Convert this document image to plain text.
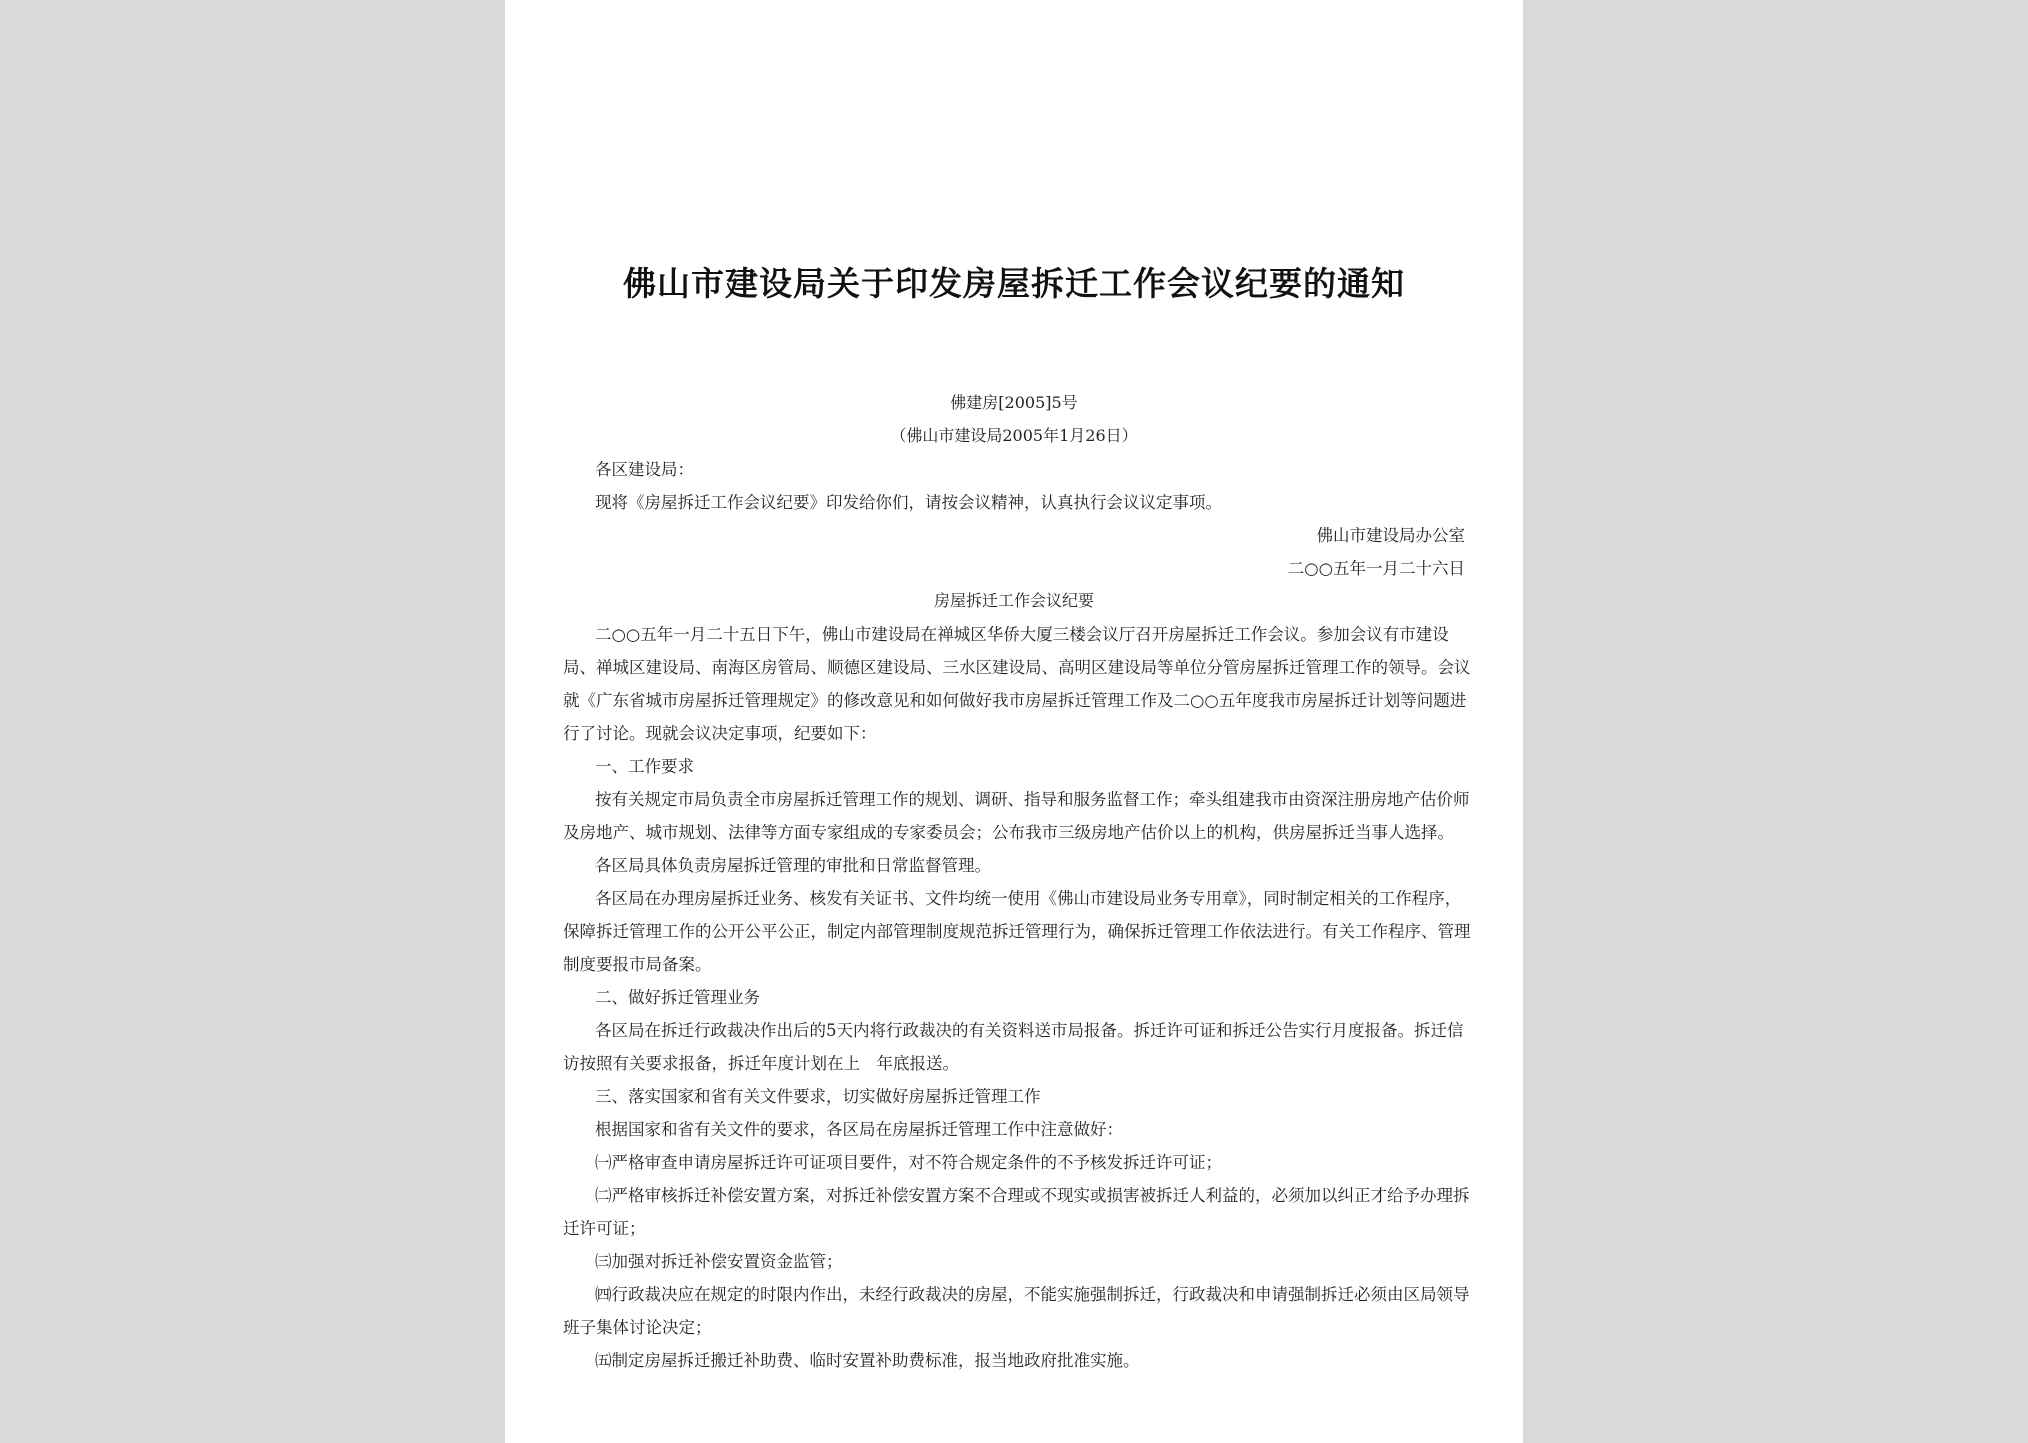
佛山市建设局关于印发房屋拆迁工作会议纪要的通知
佛建房[2005]5号
（佛山市建设局2005年1月26日）
各区建设局：
现将《房屋拆迁工作会议纪要》印发给你们，请按会议精神，认真执行会议议定事项。
佛山市建设局办公室
二○○五年一月二十六日
房屋拆迁工作会议纪要
二○○五年一月二十五日下午，佛山市建设局在禅城区华侨大厦三楼会议厅召开房屋拆迁工作会议。参加会议有市建设
局、禅城区建设局、南海区房管局、顺德区建设局、三水区建设局、高明区建设局等单位分管房屋拆迁管理工作的领导。会议
就《广东省城市房屋拆迁管理规定》的修改意见和如何做好我市房屋拆迁管理工作及二○○五年度我市房屋拆迁计划等问题进
行了讨论。现就会议决定事项，纪要如下：
一、工作要求
按有关规定市局负责全市房屋拆迁管理工作的规划、调研、指导和服务监督工作；牵头组建我市由资深注册房地产估价师
及房地产、城市规划、法律等方面专家组成的专家委员会；公布我市三级房地产估价以上的机构，供房屋拆迁当事人选择。
各区局具体负责房屋拆迁管理的审批和日常监督管理。
各区局在办理房屋拆迁业务、核发有关证书、文件均统一使用《佛山市建设局业务专用章》，同时制定相关的工作程序，
保障拆迁管理工作的公开公平公正，制定内部管理制度规范拆迁管理行为，确保拆迁管理工作依法进行。有关工作程序、管理
制度要报市局备案。
二、做好拆迁管理业务
各区局在拆迁行政裁决作出后的5天内将行政裁决的有关资料送市局报备。拆迁许可证和拆迁公告实行月度报备。拆迁信
访按照有关要求报备，拆迁年度计划在上　年底报送。
三、落实国家和省有关文件要求，切实做好房屋拆迁管理工作
根据国家和省有关文件的要求，各区局在房屋拆迁管理工作中注意做好：
㈠严格审查申请房屋拆迁许可证项目要件，对不符合规定条件的不予核发拆迁许可证；
㈡严格审核拆迁补偿安置方案，对拆迁补偿安置方案不合理或不现实或损害被拆迁人利益的，必须加以纠正才给予办理拆
迁许可证；
㈢加强对拆迁补偿安置资金监管；
㈣行政裁决应在规定的时限内作出，未经行政裁决的房屋，不能实施强制拆迁，行政裁决和申请强制拆迁必须由区局领导
班子集体讨论决定；
㈤制定房屋拆迁搬迁补助费、临时安置补助费标准，报当地政府批准实施。
